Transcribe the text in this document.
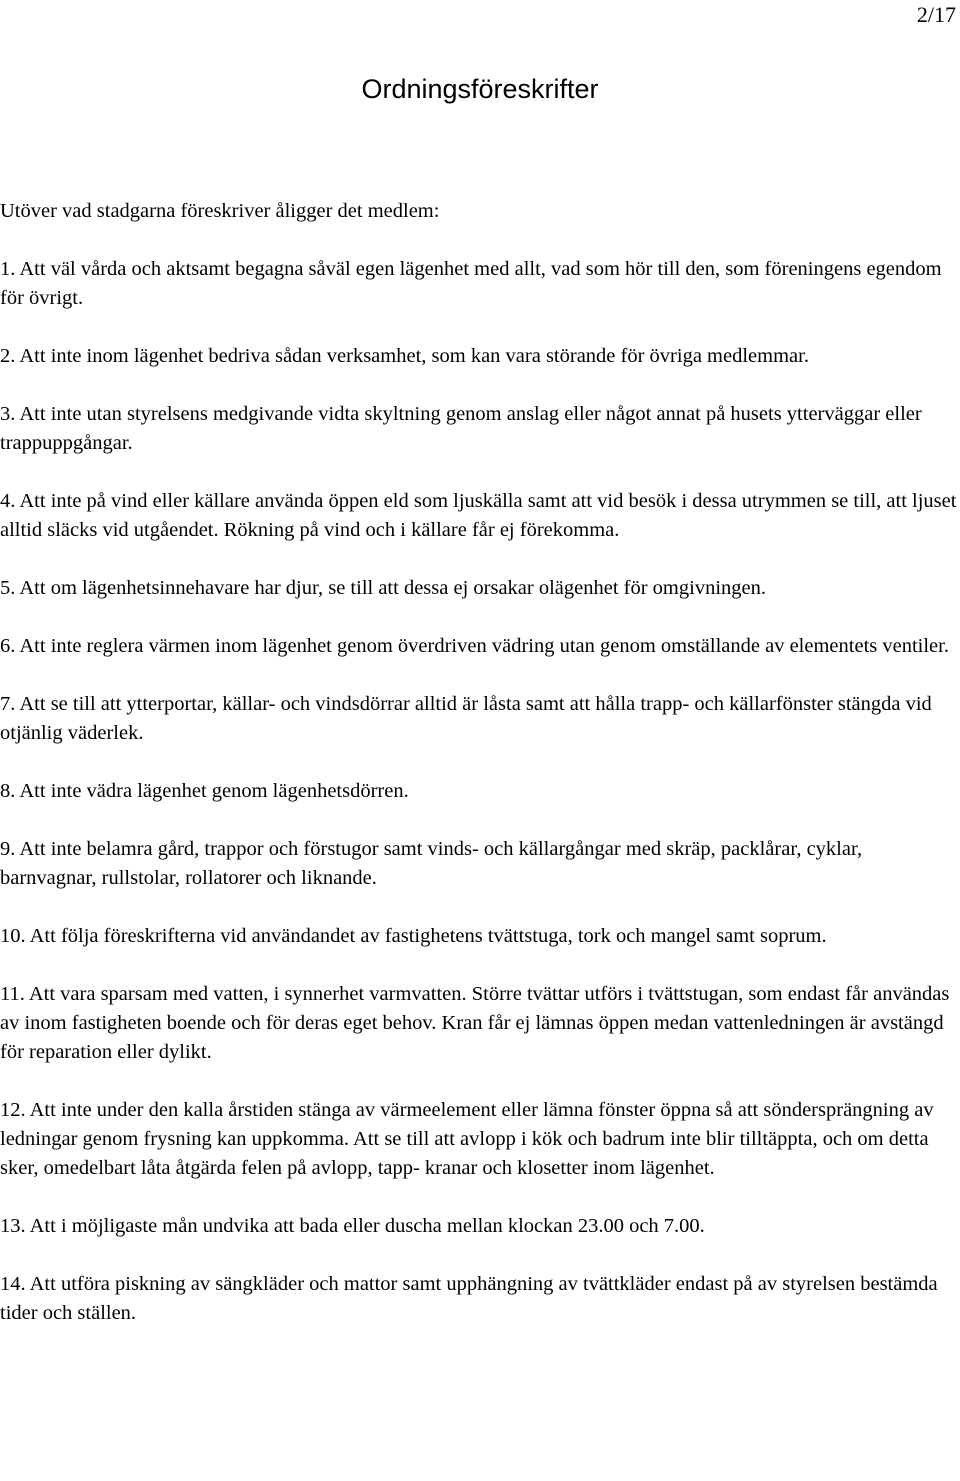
2/17
Ordningsföreskrifter

Utöver vad stadgarna föreskriver åligger det medlem:

1. Att väl vårda och aktsamt begagna såväl egen lägenhet med allt, vad som hör till den, som föreningens egendom för övrigt.

2. Att inte inom lägenhet bedriva sådan verksamhet, som kan vara störande för övriga medlemmar.

3. Att inte utan styrelsens medgivande vidta skyltning genom anslag eller något annat på husets ytterväggar eller trappuppgångar.

4. Att inte på vind eller källare använda öppen eld som ljuskälla samt att vid besök i dessa utrymmen se till, att ljuset alltid släcks vid utgåendet. Rökning på vind och i källare får ej förekomma.

5. Att om lägenhetsinnehavare har djur, se till att dessa ej orsakar olägenhet för omgivningen.

6. Att inte reglera värmen inom lägenhet genom överdriven vädring utan genom omställande av elementets ventiler.

7. Att se till att ytterportar, källar- och vindsdörrar alltid är låsta samt att hålla trapp- och källarfönster stängda vid otjänlig väderlek.

8. Att inte vädra lägenhet genom lägenhetsdörren.

9. Att inte belamra gård, trappor och förstugor samt vinds- och källargångar med skräp, packlårar, cyklar, barnvagnar, rullstolar, rollatorer och liknande.

10. Att följa föreskrifterna vid användandet av fastighetens tvättstuga, tork och mangel samt soprum.

11. Att vara sparsam med vatten, i synnerhet varmvatten. Större tvättar utförs i tvättstugan, som endast får användas av inom fastigheten boende och för deras eget behov. Kran får ej lämnas öppen medan vattenledningen är avstängd för reparation eller dylikt.

12. Att inte under den kalla årstiden stänga av värmeelement eller lämna fönster öppna så att söndersprängning av ledningar genom frysning kan uppkomma. Att se till att avlopp i kök och badrum inte blir tilltäppta, och om detta sker, omedelbart låta åtgärda felen på avlopp, tapp- kranar och klosetter inom lägenhet.

13. Att i möjligaste mån undvika att bada eller duscha mellan klockan 23.00 och 7.00.

14. Att utföra piskning av sängkläder och mattor samt upphängning av tvättkläder endast på av styrelsen bestämda tider och ställen.
